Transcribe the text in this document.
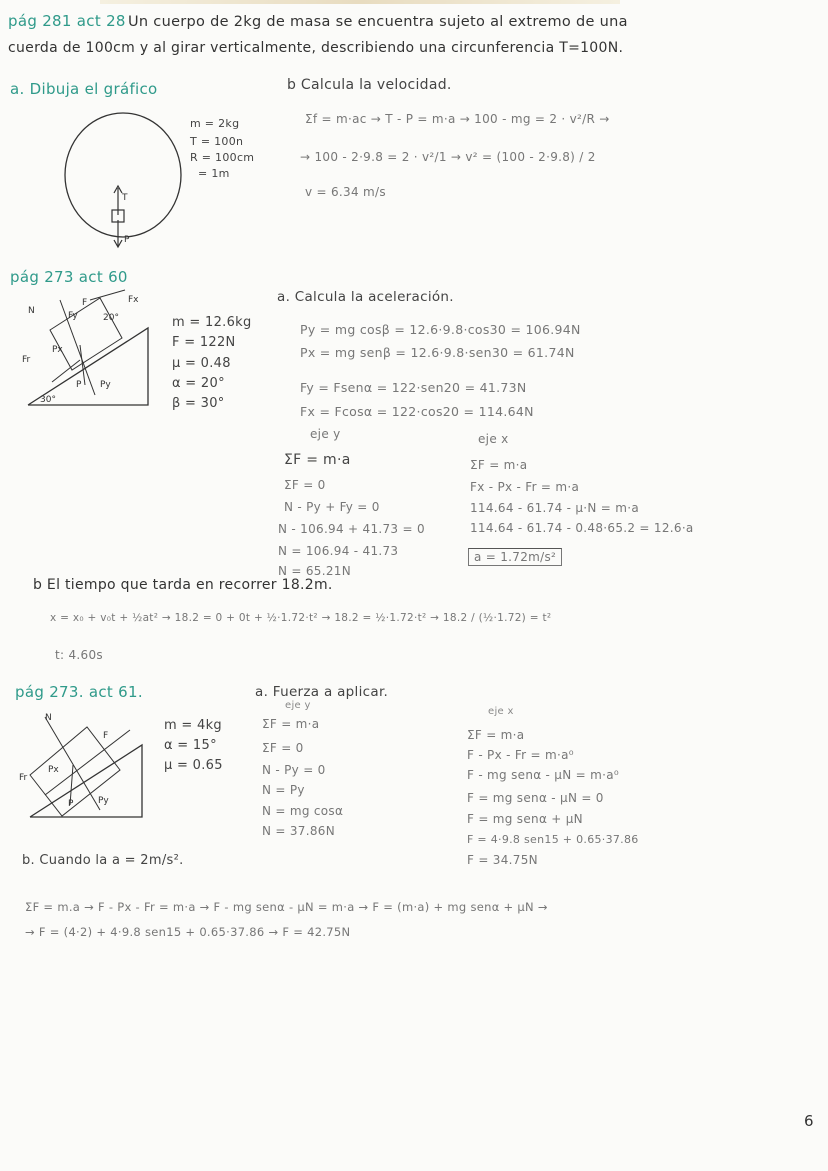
pág 281 act 28 Un cuerpo de 2kg de masa se encuentra sujeto al extremo de una
cuerda de 100cm y al girar verticalmente, describiendo una circunferencia T=100N.
a. Dibuja el gráfico	b Calcula la velocidad.
T
P
m = 2kg
T = 100n
R = 100cm
= 1m
Σf = m·ac → T - P = m·a → 100 - mg = 2 · v²/R →
→ 100 - 2·9.8 = 2 · v²/1 → v² = (100 - 2·9.8) / 2
v = 6.34 m/s
pág 273 act 60
a. Calcula la aceleración.
N
F
Fy
Fx
20°
Px
Fr
P Py
30°
m = 12.6kg
F = 122N
μ = 0.48
α = 20°
β = 30°
Py = mg cosβ = 12.6·9.8·cos30 = 106.94N
Px = mg senβ = 12.6·9.8·sen30 = 61.74N
Fy = Fsenα = 122·sen20 = 41.73N
Fx = Fcosα = 122·cos20 = 114.64N
eje y	eje x
ΣF = m·a
ΣF = 0
N - Py + Fy = 0
N - 106.94 + 41.73 = 0
N = 106.94 - 41.73
N = 65.21N
ΣF = m·a
Fx - Px - Fr = m·a
114.64 - 61.74 - μ·N = m·a
114.64 - 61.74 - 0.48·65.2 = 12.6·a
a = 1.72m/s²
b El tiempo que tarda en recorrer 18.2m.
x = x₀ + v₀t + ½at² → 18.2 = 0 + 0t + ½·1.72·t² → 18.2 = ½·1.72·t² → 18.2 / (½·1.72) = t²
t: 4.60s
pág 273. act 61.	a. Fuerza a aplicar.
N
F
Fr
Px
P	Py
m = 4kg
α = 15°
μ = 0.65
eje y
ΣF = m·a
ΣF = 0
N - Py = 0
N = Py
N = mg cosα
N = 37.86N
eje x
ΣF = m·a
F - Px - Fr = m·a⁰
F - mg senα - μN = m·a⁰
F = mg senα - μN = 0
F = mg senα + μN
F = 4·9.8 sen15 + 0.65·37.86
F = 34.75N
b. Cuando la a = 2m/s².
ΣF = m.a → F - Px - Fr = m·a → F - mg senα - μN = m·a → F = (m·a) + mg senα + μN →
→ F = (4·2) + 4·9.8 sen15 + 0.65·37.86 → F = 42.75N
6
